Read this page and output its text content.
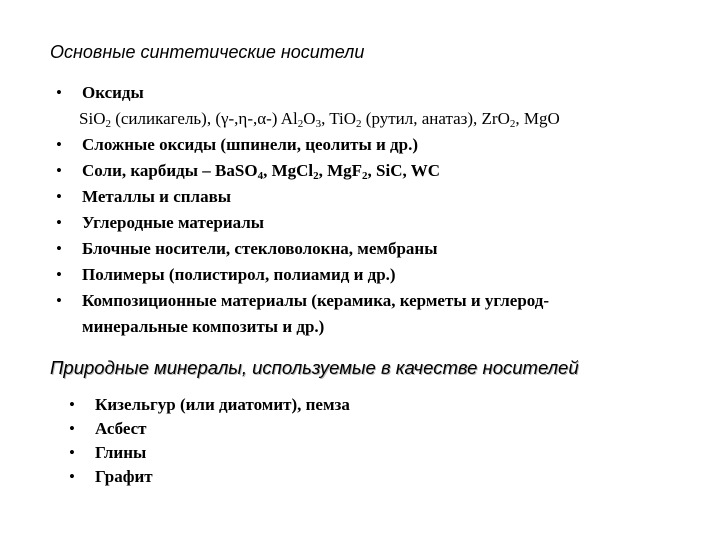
Основные синтетические носители
• Оксиды
SiO$_2$ (силикагель), (γ-,η-,α-) $Al_2O_3$, TiO$_2$ (рутил, анатаз), ZrO$_2$, MgO
• Сложные оксиды (шпинели, цеолиты и др.)
• Соли, карбиды – BaSO$_4$, MgCl$_2$, MgF$_2$, SiC, WC
• Металлы и сплавы
• Углеродные материалы
• Блочные носители, стекловолокна, мембраны
• Полимеры (полистирол, полиамид и др.)
• Композиционные материалы (керамика, керметы и углерод-
минеральные композиты и др.)
Природные минералы, используемые в качестве носителей
• Кизельгур (или диатомит), пемза
• Асбест
• Глины
• Графит
